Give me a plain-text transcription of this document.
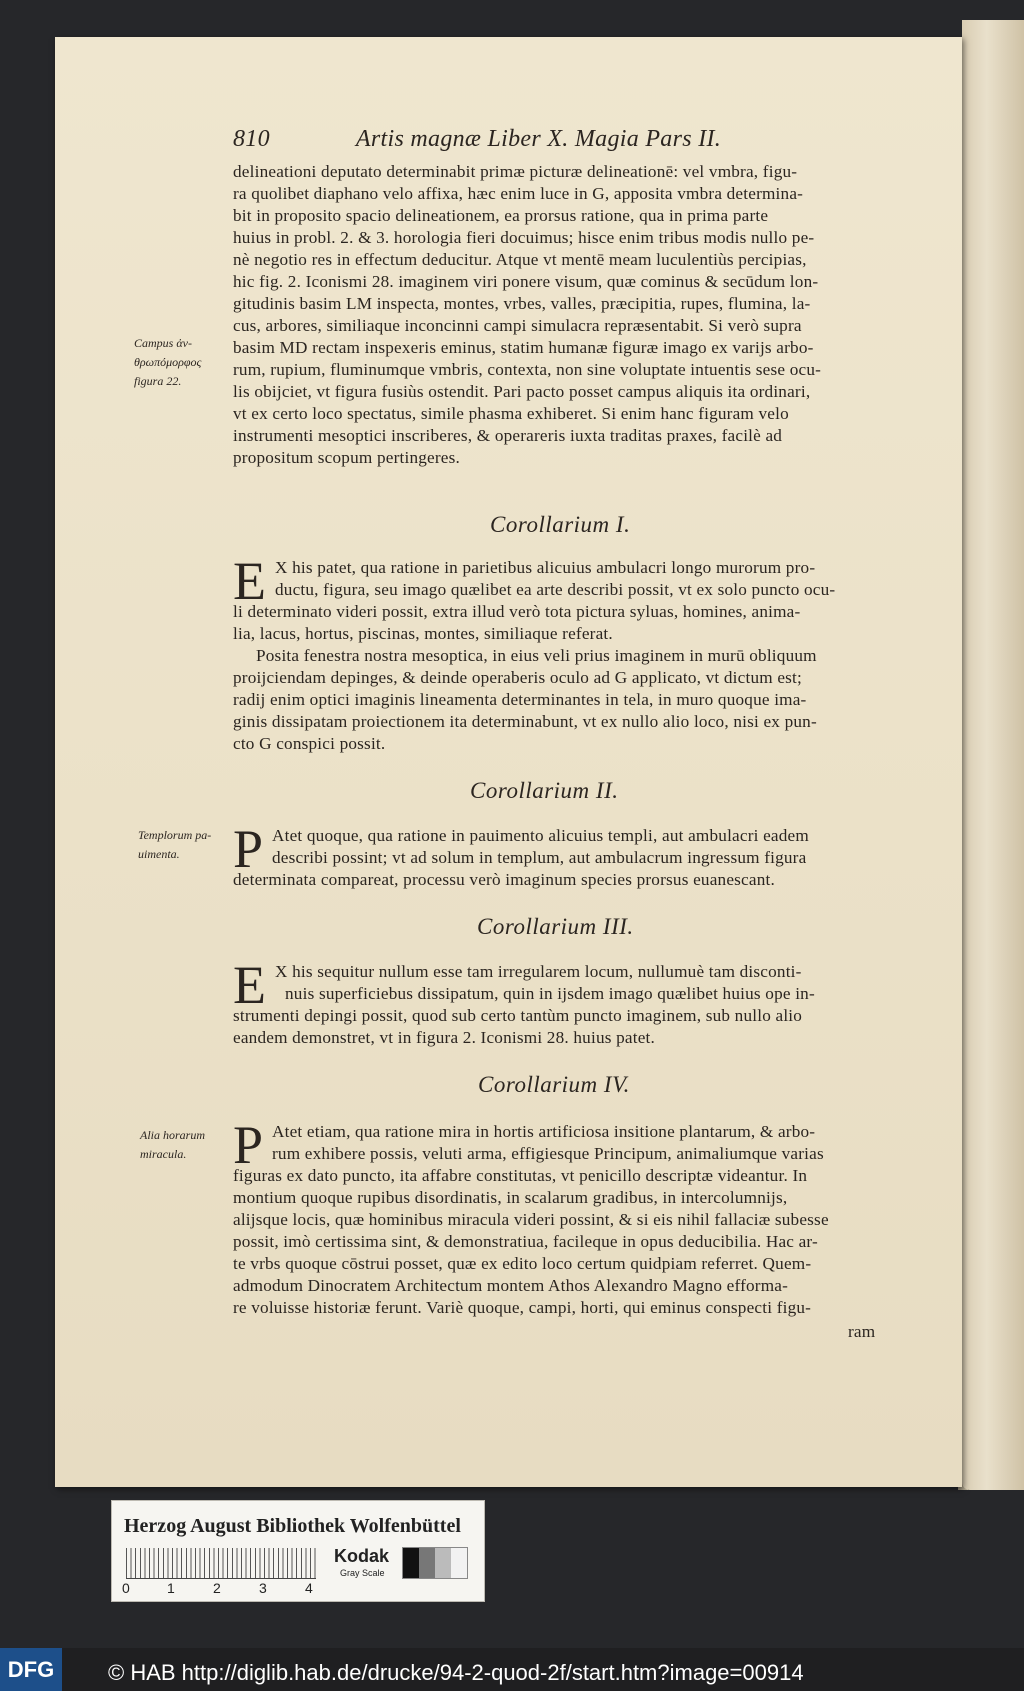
810	Artis magnæ Liber X. Magia Pars II.
delineationi deputato determinabit primæ picturæ delineationē: vel vmbra, figu-
ra quolibet diaphano velo affixa, hæc enim luce in G, apposita vmbra determina-
bit in proposito spacio delineationem, ea prorsus ratione, qua in prima parte
huius in probl. 2. & 3. horologia fieri docuimus; hisce enim tribus modis nullo pe-
nè negotio res in effectum deducitur. Atque vt mentē meam luculentiùs percipias,
hic fig. 2. Iconismi 28. imaginem viri ponere visum, quæ cominus & secūdum lon-
gitudinis basim LM inspecta, montes, vrbes, valles, præcipitia, rupes, flumina, la-
cus, arbores, similiaque inconcinni campi simulacra repræsentabit. Si verò supra
basim MD rectam inspexeris eminus, statim humanæ figuræ imago ex varijs arbo-
rum, rupium, fluminumque vmbris, contexta, non sine voluptate intuentis sese ocu-
lis obijciet, vt figura fusiùs ostendit. Pari pacto posset campus aliquis ita ordinari,
vt ex certo loco spectatus, simile phasma exhiberet. Si enim hanc figuram velo
instrumenti mesoptici inscriberes, & operareris iuxta traditas praxes, facilè ad
propositum scopum pertingeres.
Campus ἀν-
θρωπόμορφος
figura 22.
Corollarium I.
E X his patet, qua ratione in parietibus alicuius ambulacri longo murorum pro-
ductu, figura, seu imago quælibet ea arte describi possit, vt ex solo puncto ocu-
li determinato videri possit, extra illud verò tota pictura syluas, homines, anima-
lia, lacus, hortus, piscinas, montes, similiaque referat.
Posita fenestra nostra mesoptica, in eius veli prius imaginem in murū obliquum
proijciendam depinges, & deinde operaberis oculo ad G applicato, vt dictum est;
radij enim optici imaginis lineamenta determinantes in tela, in muro quoque ima-
ginis dissipatam proiectionem ita determinabunt, vt ex nullo alio loco, nisi ex pun-
cto G conspici possit.
Corollarium II.
Templorum pa-
uimenta. P Atet quoque, qua ratione in pauimento alicuius templi, aut ambulacri eadem
describi possint; vt ad solum in templum, aut ambulacrum ingressum figura
determinata compareat, processu verò imaginum species prorsus euanescant.
Corollarium III.
E X his sequitur nullum esse tam irregularem locum, nullumuè tam disconti-
nuis superficiebus dissipatum, quin in ijsdem imago quælibet huius ope in-
strumenti depingi possit, quod sub certo tantùm puncto imaginem, sub nullo alio
eandem demonstret, vt in figura 2. Iconismi 28. huius patet.
Corollarium IV.
Alia horarum
miracula. P Atet etiam, qua ratione mira in hortis artificiosa insitione plantarum, & arbo-
rum exhibere possis, veluti arma, effigiesque Principum, animaliumque varias
figuras ex dato puncto, ita affabre constitutas, vt penicillo descriptæ videantur. In
montium quoque rupibus disordinatis, in scalarum gradibus, in intercolumnijs,
alijsque locis, quæ hominibus miracula videri possint, & si eis nihil fallaciæ subesse
possit, imò certissima sint, & demonstratiua, facileque in opus deducibilia. Hac ar-
te vrbs quoque cōstrui posset, quæ ex edito loco certum quidpiam referret. Quem-
admodum Dinocratem Architectum montem Athos Alexandro Magno efforma-
re voluisse historiæ ferunt. Variè quoque, campi, horti, qui eminus conspecti figu-
ram
Herzog August Bibliothek Wolfenbüttel
0	1	2	3	4
Kodak
Gray Scale
DFG	© HAB http://diglib.hab.de/drucke/94-2-quod-2f/start.htm?image=00914
